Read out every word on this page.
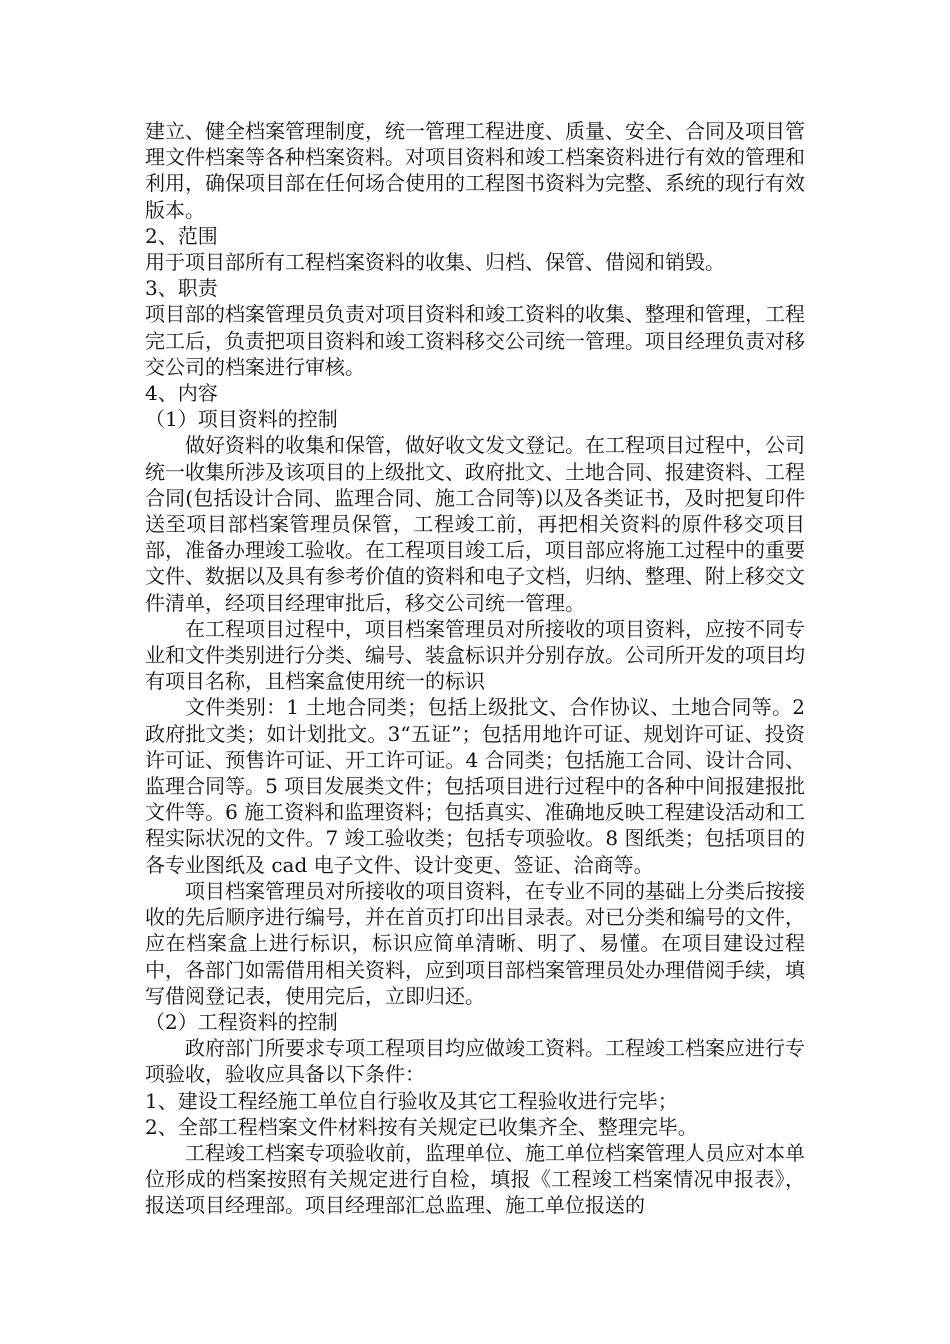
建立、健全档案管理制度，统一管理工程进度、质量、安全、合同及项目管理文件档案等各种档案资料。对项目资料和竣工档案资料进行有效的管理和利用，确保项目部在任何场合使用的工程图书资料为完整、系统的现行有效版本。

2、范围

用于项目部所有工程档案资料的收集、归档、保管、借阅和销毁。

3、职责

项目部的档案管理员负责对项目资料和竣工资料的收集、整理和管理，工程完工后，负责把项目资料和竣工资料移交公司统一管理。项目经理负责对移交公司的档案进行审核。

4、内容

（1）项目资料的控制

做好资料的收集和保管，做好收文发文登记。在工程项目过程中，公司统一收集所涉及该项目的上级批文、政府批文、土地合同、报建资料、工程合同(包括设计合同、监理合同、施工合同等)以及各类证书，及时把复印件送至项目部档案管理员保管，工程竣工前，再把相关资料的原件移交项目部，准备办理竣工验收。在工程项目竣工后，项目部应将施工过程中的重要文件、数据以及具有参考价值的资料和电子文档，归纳、整理、附上移交文件清单，经项目经理审批后，移交公司统一管理。

在工程项目过程中，项目档案管理员对所接收的项目资料，应按不同专业和文件类别进行分类、编号、装盒标识并分别存放。公司所开发的项目均有项目名称，且档案盒使用统一的标识

文件类别：1 土地合同类；包括上级批文、合作协议、土地合同等。2 政府批文类；如计划批文。3“五证”；包括用地许可证、规划许可证、投资许可证、预售许可证、开工许可证。4 合同类；包括施工合同、设计合同、监理合同等。5 项目发展类文件；包括项目进行过程中的各种中间报建报批文件等。6 施工资料和监理资料；包括真实、准确地反映工程建设活动和工程实际状况的文件。7 竣工验收类；包括专项验收。8 图纸类；包括项目的各专业图纸及 cad 电子文件、设计变更、签证、洽商等。

项目档案管理员对所接收的项目资料，在专业不同的基础上分类后按接收的先后顺序进行编号，并在首页打印出目录表。对已分类和编号的文件，应在档案盒上进行标识，标识应简单清晰、明了、易懂。在项目建设过程中，各部门如需借用相关资料，应到项目部档案管理员处办理借阅手续，填写借阅登记表，使用完后，立即归还。

（2）工程资料的控制

政府部门所要求专项工程项目均应做竣工资料。工程竣工档案应进行专项验收，验收应具备以下条件：

1、建设工程经施工单位自行验收及其它工程验收进行完毕；

2、全部工程档案文件材料按有关规定已收集齐全、整理完毕。

工程竣工档案专项验收前，监理单位、施工单位档案管理人员应对本单位形成的档案按照有关规定进行自检，填报《工程竣工档案情况申报表》，报送项目经理部。项目经理部汇总监理、施工单位报送的
